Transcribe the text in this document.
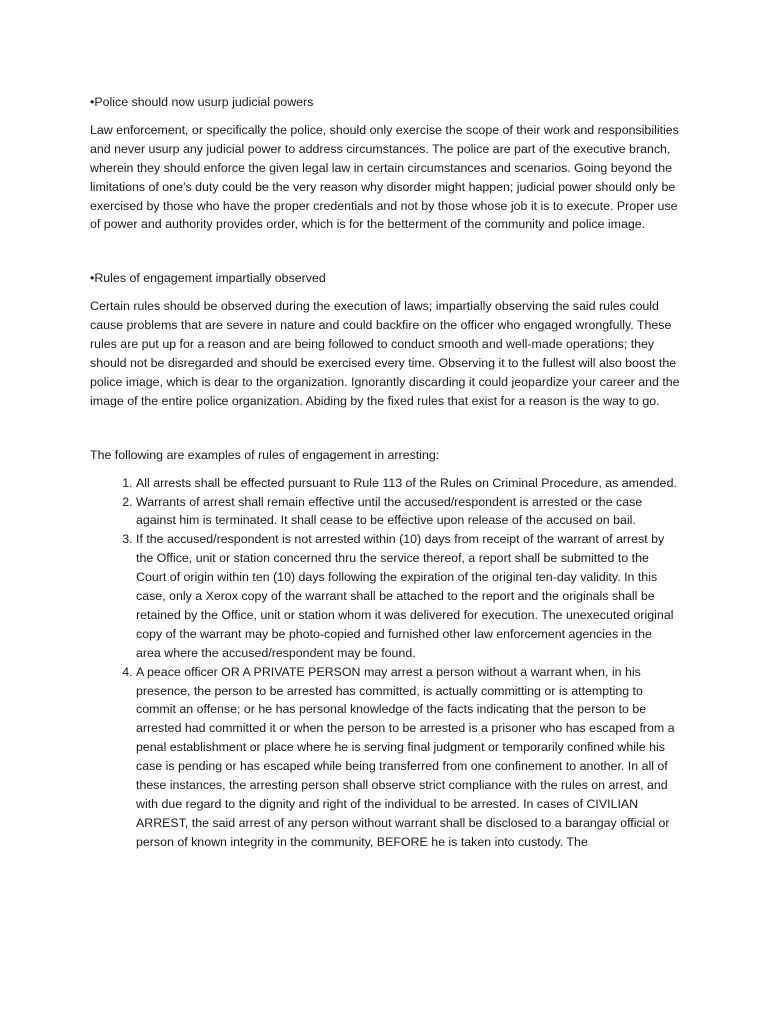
•Police should now usurp judicial powers

Law enforcement, or specifically the police, should only exercise the scope of their work and responsibilities and never usurp any judicial power to address circumstances. The police are part of the executive branch, wherein they should enforce the given legal law in certain circumstances and scenarios. Going beyond the limitations of one’s duty could be the very reason why disorder might happen; judicial power should only be exercised by those who have the proper credentials and not by those whose job it is to execute. Proper use of power and authority provides order, which is for the betterment of the community and police image.

•Rules of engagement impartially observed

Certain rules should be observed during the execution of laws; impartially observing the said rules could cause problems that are severe in nature and could backfire on the officer who engaged wrongfully. These rules are put up for a reason and are being followed to conduct smooth and well-made operations; they should not be disregarded and should be exercised every time. Observing it to the fullest will also boost the police image, which is dear to the organization. Ignorantly discarding it could jeopardize your career and the image of the entire police organization. Abiding by the fixed rules that exist for a reason is the way to go.

The following are examples of rules of engagement in arresting:

1. All arrests shall be effected pursuant to Rule 113 of the Rules on Criminal Procedure, as amended.
2. Warrants of arrest shall remain effective until the accused/respondent is arrested or the case against him is terminated. It shall cease to be effective upon release of the accused on bail.
3. If the accused/respondent is not arrested within (10) days from receipt of the warrant of arrest by the Office, unit or station concerned thru the service thereof, a report shall be submitted to the Court of origin within ten (10) days following the expiration of the original ten-day validity. In this case, only a Xerox copy of the warrant shall be attached to the report and the originals shall be retained by the Office, unit or station whom it was delivered for execution. The unexecuted original copy of the warrant may be photo-copied and furnished other law enforcement agencies in the area where the accused/respondent may be found.
4. A peace officer OR A PRIVATE PERSON may arrest a person without a warrant when, in his presence, the person to be arrested has committed, is actually committing or is attempting to commit an offense; or he has personal knowledge of the facts indicating that the person to be arrested had committed it or when the person to be arrested is a prisoner who has escaped from a penal establishment or place where he is serving final judgment or temporarily confined while his case is pending or has escaped while being transferred from one confinement to another. In all of these instances, the arresting person shall observe strict compliance with the rules on arrest, and with due regard to the dignity and right of the individual to be arrested. In cases of CIVILIAN ARREST, the said arrest of any person without warrant shall be disclosed to a barangay official or person of known integrity in the community, BEFORE he is taken into custody. The
